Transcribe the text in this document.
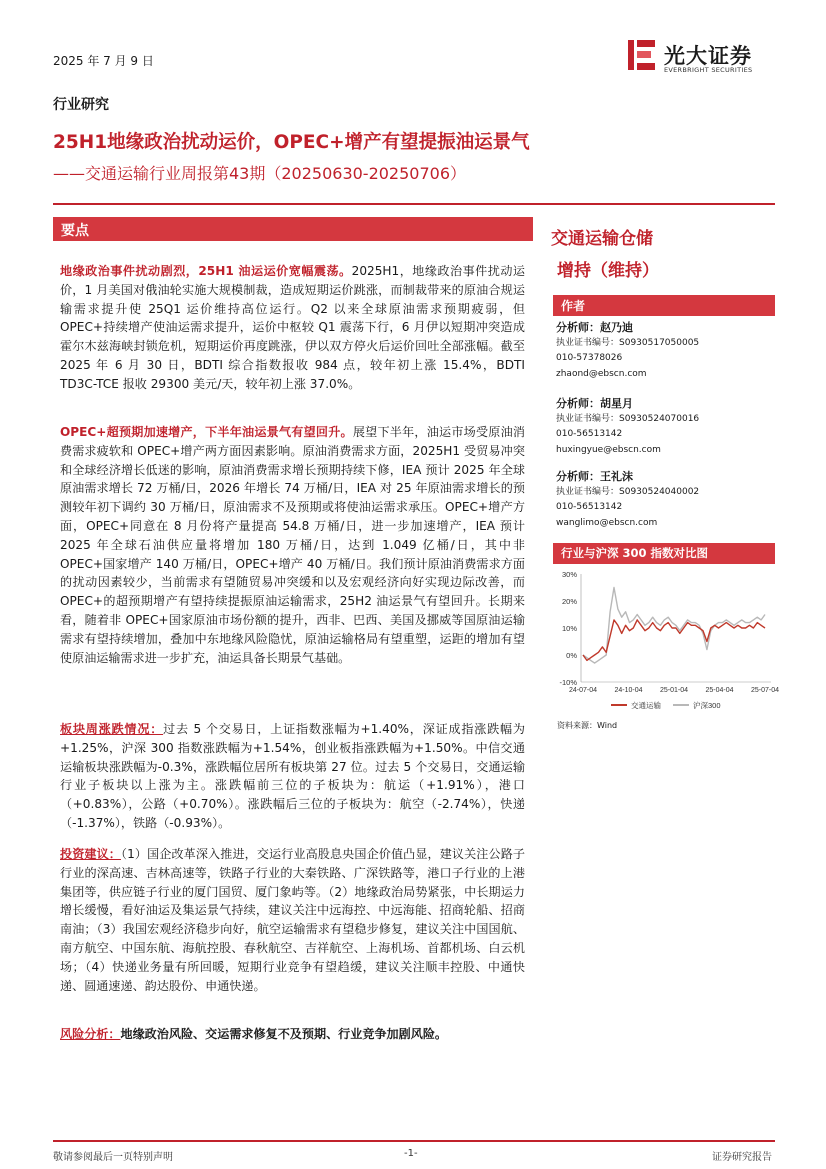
2025 年 7 月 9 日	光大证券
EVERBRIGHT SECURITIES
行业研究
25H1地缘政治扰动运价，OPEC+增产有望提振油运景气
——交通运输行业周报第43期（20250630-20250706）
要点

地缘政治事件扰动剧烈，25H1 油运运价宽幅震荡。2025H1，地缘政治事件扰动运价，1 月美国对俄油轮实施大规模制裁，造成短期运价跳涨，而制裁带来的原油合规运输需求提升使 25Q1 运价维持高位运行。Q2 以来全球原油需求预期疲弱，但 OPEC+持续增产使油运需求提升，运价中枢较 Q1 震荡下行，6 月伊以短期冲突造成霍尔木兹海峡封锁危机，短期运价再度跳涨，伊以双方停火后运价回吐全部涨幅。截至 2025 年 6 月 30 日，BDTI 综合指数报收 984 点，较年初上涨 15.4%，BDTI TD3C-TCE 报收 29300 美元/天，较年初上涨 37.0%。

OPEC+超预期加速增产，下半年油运景气有望回升。展望下半年，油运市场受原油消费需求疲软和 OPEC+增产两方面因素影响。原油消费需求方面，2025H1 受贸易冲突和全球经济增长低迷的影响，原油消费需求增长预期持续下修，IEA 预计 2025 年全球原油需求增长 72 万桶/日，2026 年增长 74 万桶/日，IEA 对 25 年原油需求增长的预测较年初下调约 30 万桶/日，原油需求不及预期或将使油运需求承压。OPEC+增产方面，OPEC+同意在 8 月份将产量提高 54.8 万桶/日，进一步加速增产，IEA 预计 2025 年全球石油供应量将增加 180 万桶/日，达到 1.049 亿桶/日，其中非 OPEC+国家增产 140 万桶/日，OPEC+增产 40 万桶/日。我们预计原油消费需求方面的扰动因素较少，当前需求有望随贸易冲突缓和以及宏观经济向好实现边际改善，而 OPEC+的超预期增产有望持续提振原油运输需求，25H2 油运景气有望回升。长期来看，随着非 OPEC+国家原油市场份额的提升，西非、巴西、美国及挪威等国原油运输需求有望持续增加，叠加中东地缘风险隐忧，原油运输格局有望重塑，运距的增加有望使原油运输需求进一步扩充，油运具备长期景气基础。

板块周涨跌情况：过去 5 个交易日，上证指数涨幅为+1.40%，深证成指涨跌幅为+1.25%，沪深 300 指数涨跌幅为+1.54%，创业板指涨跌幅为+1.50%。中信交通运输板块涨跌幅为-0.3%，涨跌幅位居所有板块第 27 位。过去 5 个交易日，交通运输行业子板块以上涨为主。涨跌幅前三位的子板块为：航运（+1.91%），港口（+0.83%），公路（+0.70%）。涨跌幅后三位的子板块为：航空（-2.74%），快递（-1.37%），铁路（-0.93%）。

投资建议：（1）国企改革深入推进，交运行业高股息央国企价值凸显，建议关注公路子行业的深高速、吉林高速等，铁路子行业的大秦铁路、广深铁路等，港口子行业的上港集团等，供应链子行业的厦门国贸、厦门象屿等。（2）地缘政治局势紧张，中长期运力增长缓慢，看好油运及集运景气持续，建议关注中远海控、中远海能、招商轮船、招商南油；（3）我国宏观经济稳步向好，航空运输需求有望稳步修复，建议关注中国国航、南方航空、中国东航、海航控股、春秋航空、吉祥航空、上海机场、首都机场、白云机场；（4）快递业务量有所回暖，短期行业竞争有望趋缓，建议关注顺丰控股、中通快递、圆通速递、韵达股份、申通快递。

风险分析：地缘政治风险、交运需求修复不及预期、行业竞争加剧风险。

交通运输仓储
增持（维持）
作者
分析师：赵乃迪
执业证书编号：S0930517050005
010-57378026
zhaond@ebscn.com
分析师：胡星月
执业证书编号：S0930524070016
010-56513142
huxingyue@ebscn.com
分析师：王礼沫
执业证书编号：S0930524040002
010-56513142
wanglimo@ebscn.com
行业与沪深 300 指数对比图
30%
20%
10%
0%
-10%
24-07-04 24-10-04 25-01-04 25-04-04 25-07-04
交通运输	沪深300
资料来源：Wind
敬请参阅最后一页特别声明	-1-	证券研究报告
